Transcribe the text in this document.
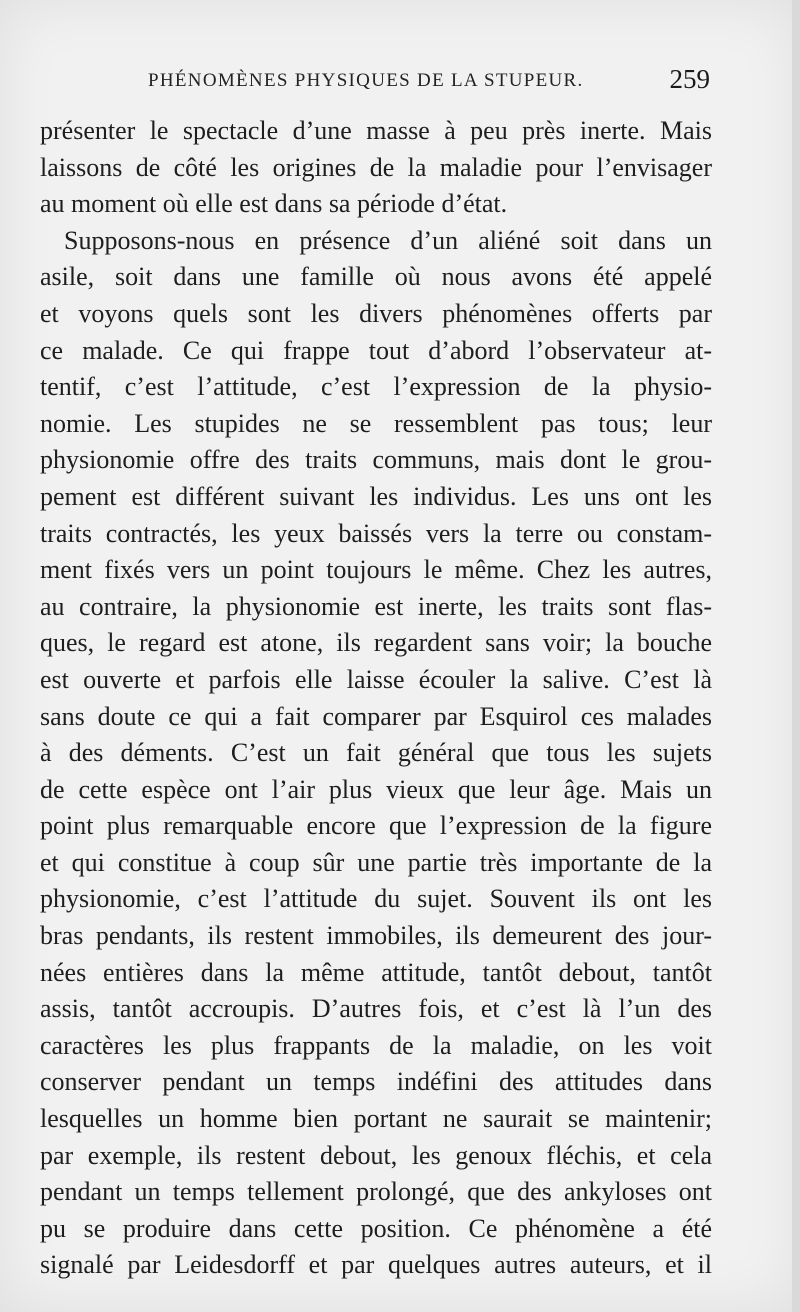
PHÉNOMÈNES PHYSIQUES DE LA STUPEUR.	259
présenter le spectacle d’une masse à peu près inerte. Mais
laissons de côté les origines de la maladie pour l’envisager
au moment où elle est dans sa période d’état.
Supposons-nous en présence d’un aliéné soit dans un
asile, soit dans une famille où nous avons été appelé
et voyons quels sont les divers phénomènes offerts par
ce malade. Ce qui frappe tout d’abord l’observateur at-
tentif, c’est l’attitude, c’est l’expression de la physio-
nomie. Les stupides ne se ressemblent pas tous; leur
physionomie offre des traits communs, mais dont le grou-
pement est différent suivant les individus. Les uns ont les
traits contractés, les yeux baissés vers la terre ou constam-
ment fixés vers un point toujours le même. Chez les autres,
au contraire, la physionomie est inerte, les traits sont flas-
ques, le regard est atone, ils regardent sans voir; la bouche
est ouverte et parfois elle laisse écouler la salive. C’est là
sans doute ce qui a fait comparer par Esquirol ces malades
à des déments. C’est un fait général que tous les sujets
de cette espèce ont l’air plus vieux que leur âge. Mais un
point plus remarquable encore que l’expression de la figure
et qui constitue à coup sûr une partie très importante de la
physionomie, c’est l’attitude du sujet. Souvent ils ont les
bras pendants, ils restent immobiles, ils demeurent des jour-
nées entières dans la même attitude, tantôt debout, tantôt
assis, tantôt accroupis. D’autres fois, et c’est là l’un des
caractères les plus frappants de la maladie, on les voit
conserver pendant un temps indéfini des attitudes dans
lesquelles un homme bien portant ne saurait se maintenir;
par exemple, ils restent debout, les genoux fléchis, et cela
pendant un temps tellement prolongé, que des ankyloses ont
pu se produire dans cette position. Ce phénomène a été
signalé par Leidesdorff et par quelques autres auteurs, et il
